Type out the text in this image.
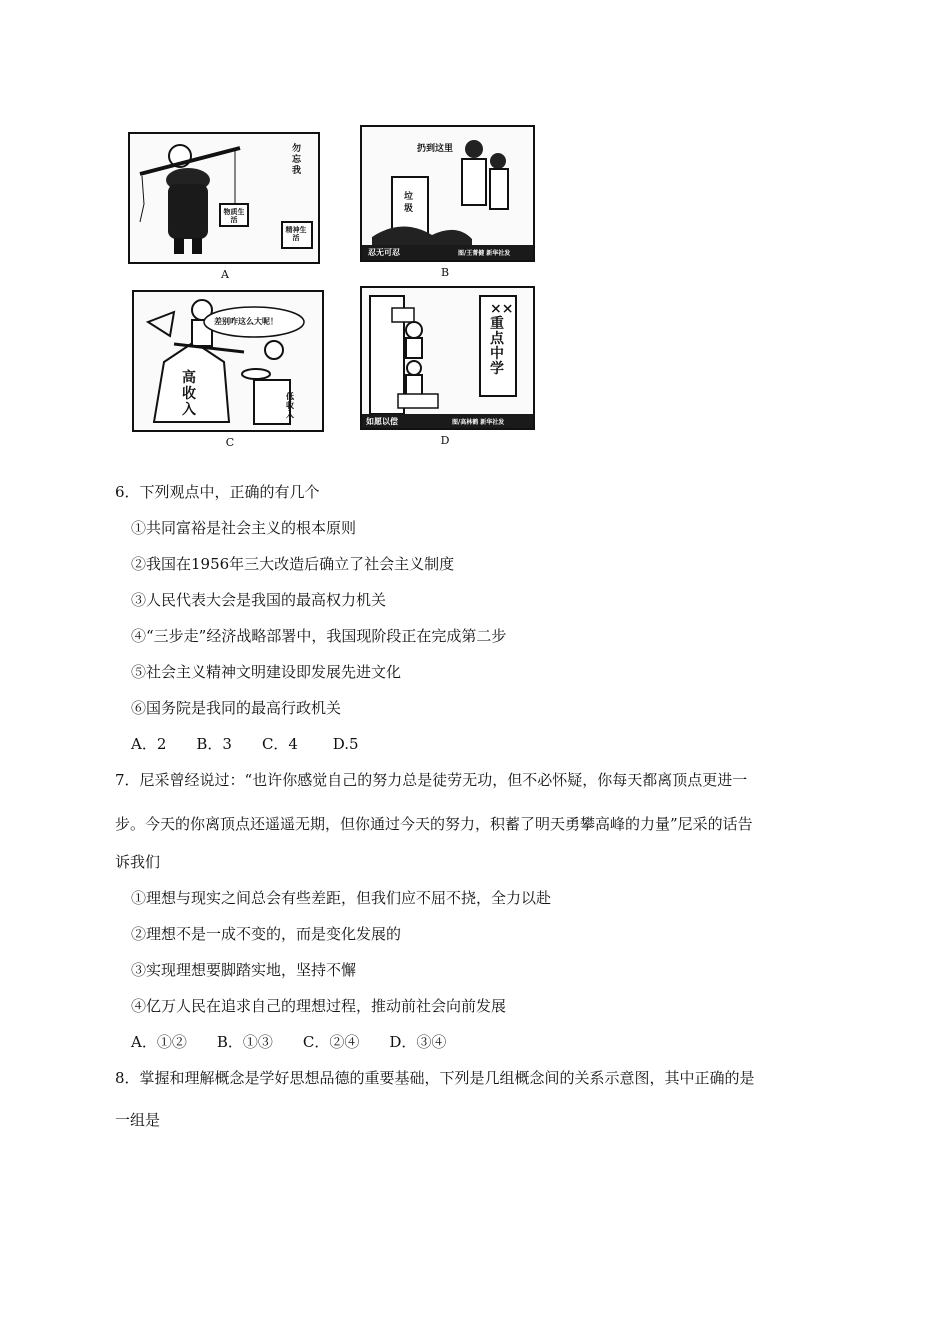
勿忘我
物质生活
精神生活
A
扔到这里
垃圾
忍无可忍	图/王菁健 新华社发
B
差别咋这么大呢！
高收入
低收入
C
××重点中学
如愿以偿	图/高林鹤 新华社发
D
6．下列观点中，正确的有几个
①共同富裕是社会主义的根本原则
②我国在1956年三大改造后确立了社会主义制度
③人民代表大会是我国的最高权力机关
④“三步走”经济战略部署中，我国现阶段正在完成第二步
⑤社会主义精神文明建设即发展先进文化
⑥国务院是我同的最高行政机关
A．2　　B．3　　C．4　　 D.5
7．尼采曾经说过：“也许你感觉自己的努力总是徒劳无功，但不必怀疑，你每天都离顶点更进一
步。今天的你离顶点还遥遥无期，但你通过今天的努力，积蓄了明天勇攀高峰的力量”尼采的话告
诉我们
①理想与现实之间总会有些差距，但我们应不屈不挠，全力以赴
②理想不是一成不变的，而是变化发展的
③实现理想要脚踏实地，坚持不懈
④亿万人民在追求自己的理想过程，推动前社会向前发展
A．①②　　B．①③　　C．②④　　D．③④
8．掌握和理解概念是学好思想品德的重要基础，下列是几组概念间的关系示意图，其中正确的是
一组是
